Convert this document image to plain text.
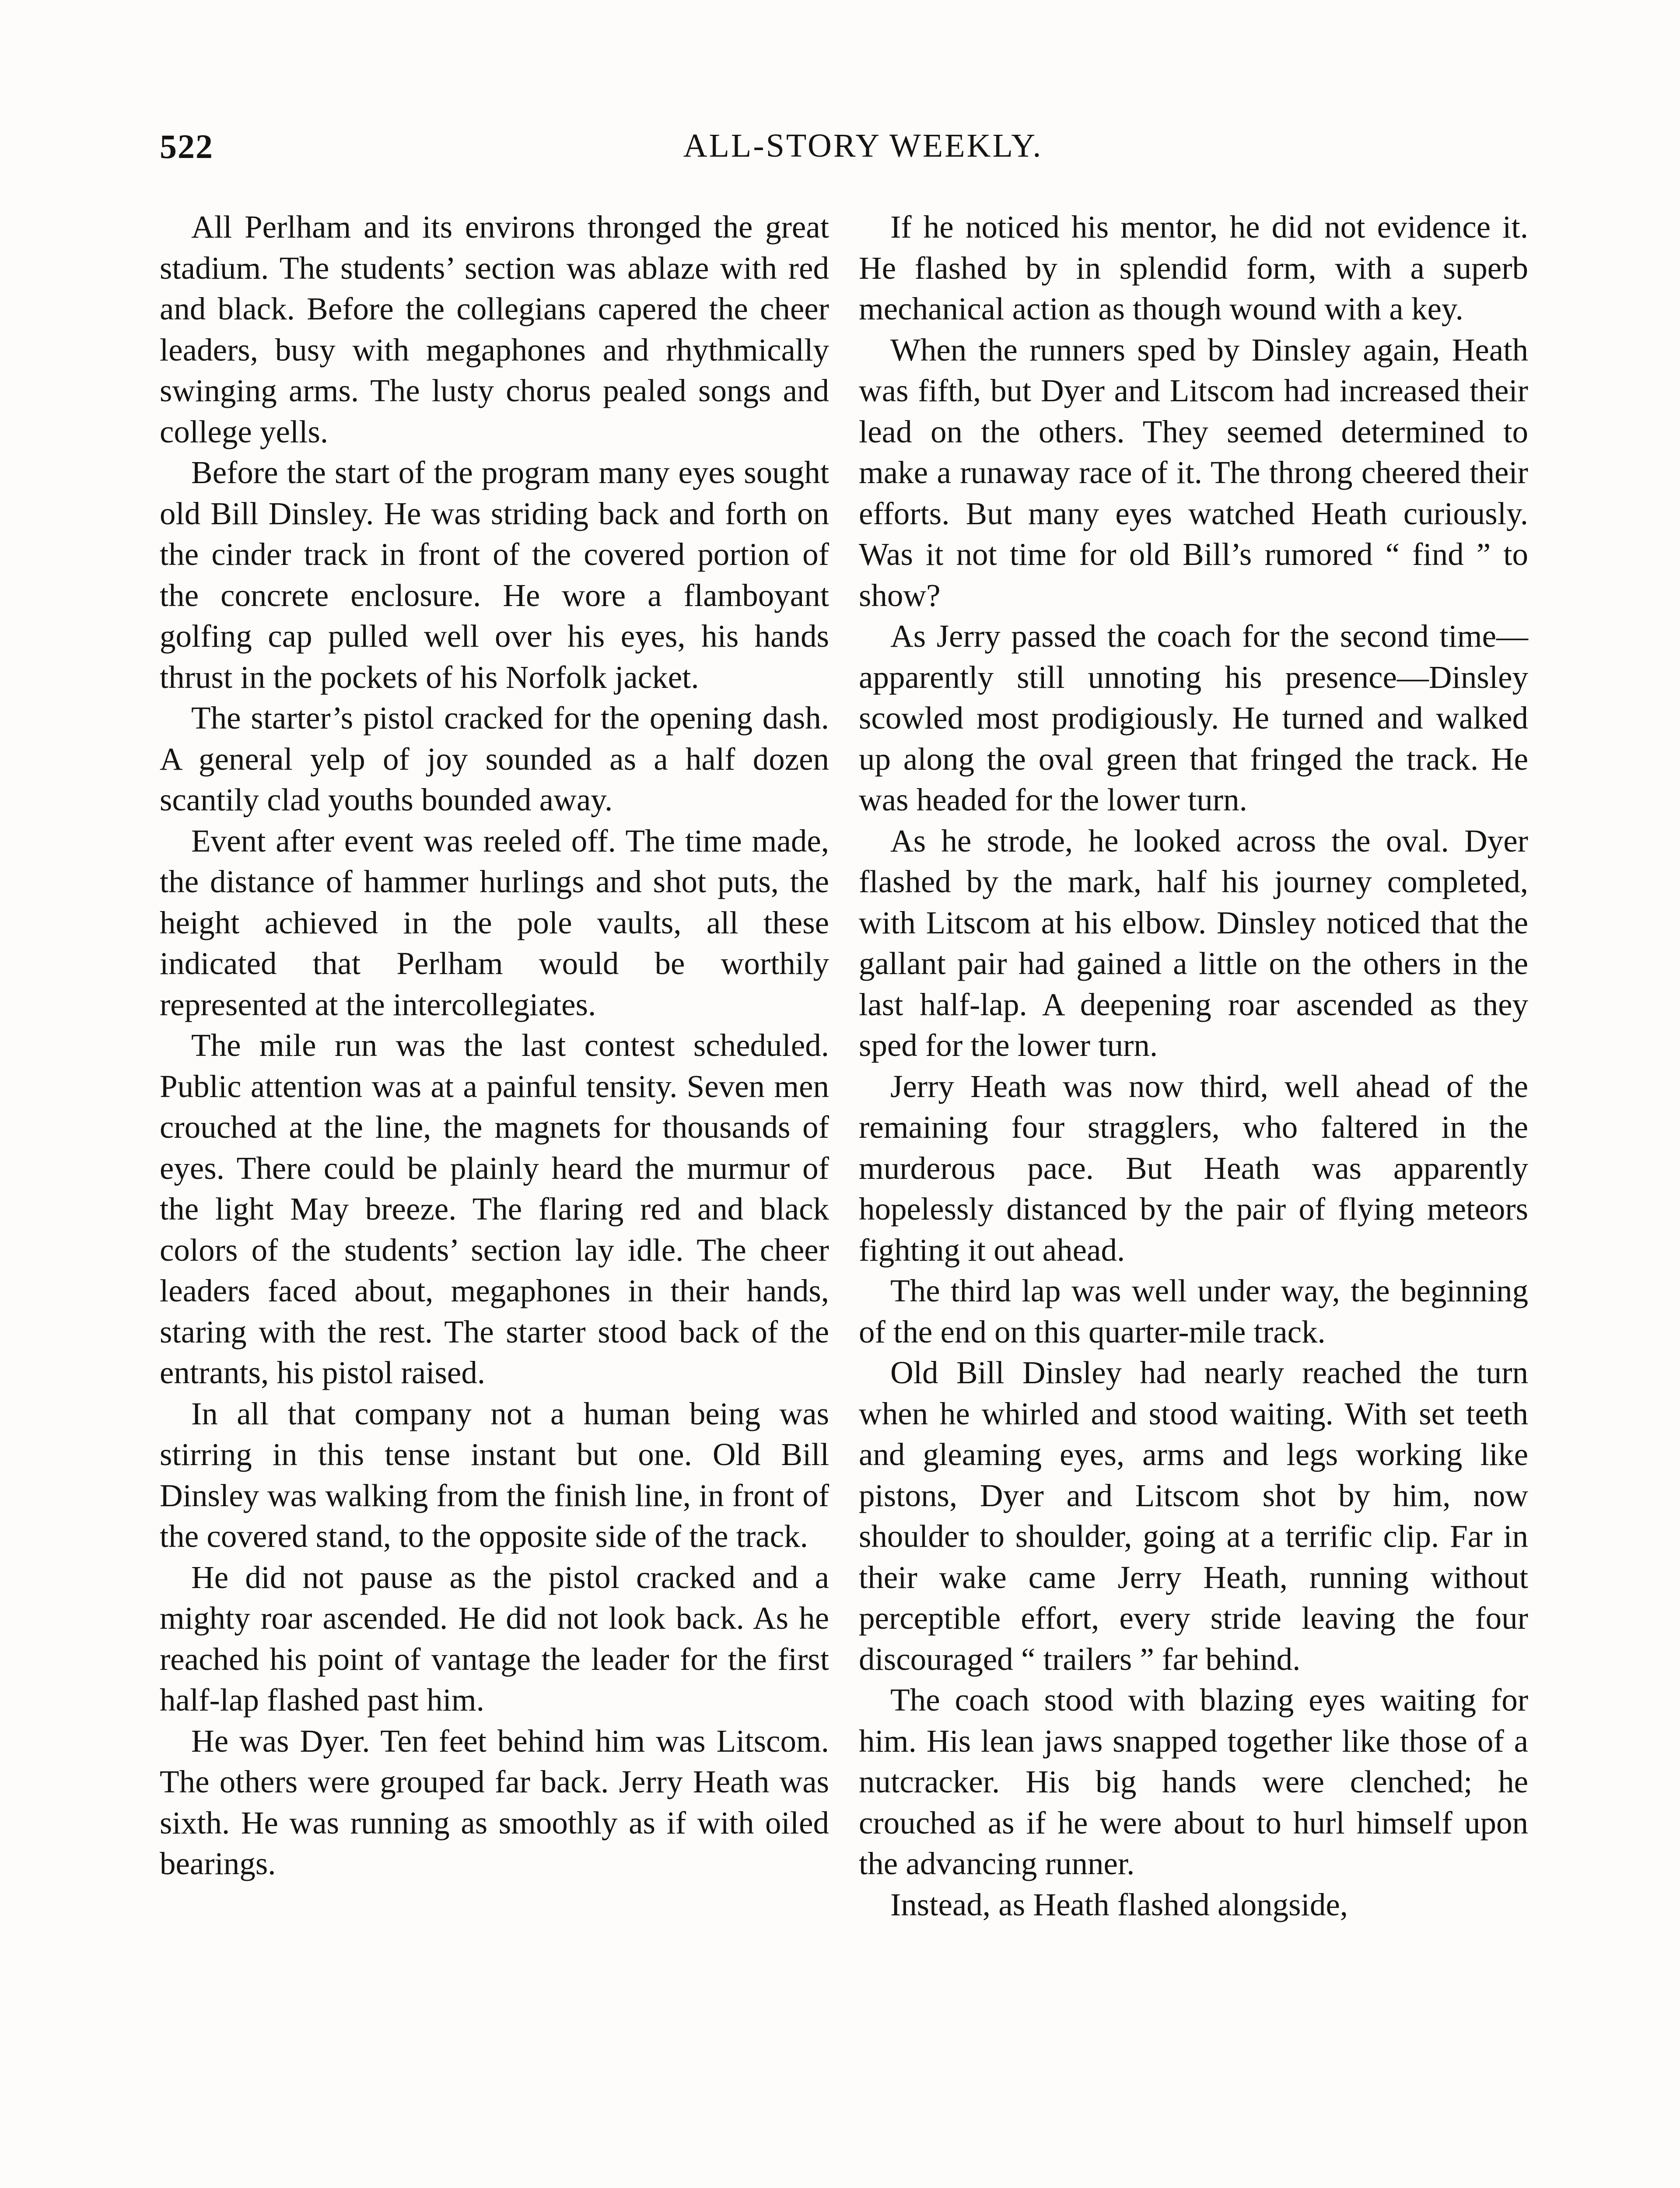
522	ALL-STORY WEEKLY.

All Perlham and its environs thronged the great stadium. The students’ section was ablaze with red and black. Before the collegians capered the cheer leaders, busy with megaphones and rhythmically swinging arms. The lusty chorus pealed songs and college yells.

Before the start of the program many eyes sought old Bill Dinsley. He was striding back and forth on the cinder track in front of the covered portion of the concrete enclosure. He wore a flamboyant golfing cap pulled well over his eyes, his hands thrust in the pockets of his Norfolk jacket.

The starter’s pistol cracked for the opening dash. A general yelp of joy sounded as a half dozen scantily clad youths bounded away.

Event after event was reeled off. The time made, the distance of hammer hurlings and shot puts, the height achieved in the pole vaults, all these indicated that Perlham would be worthily represented at the intercollegiates.

The mile run was the last contest scheduled. Public attention was at a painful tensity. Seven men crouched at the line, the magnets for thousands of eyes. There could be plainly heard the murmur of the light May breeze. The flaring red and black colors of the students’ section lay idle. The cheer leaders faced about, megaphones in their hands, staring with the rest. The starter stood back of the entrants, his pistol raised.

In all that company not a human being was stirring in this tense instant but one. Old Bill Dinsley was walking from the finish line, in front of the covered stand, to the opposite side of the track.

He did not pause as the pistol cracked and a mighty roar ascended. He did not look back. As he reached his point of vantage the leader for the first half-lap flashed past him.

He was Dyer. Ten feet behind him was Litscom. The others were grouped far back. Jerry Heath was sixth. He was running as smoothly as if with oiled bearings.

If he noticed his mentor, he did not evidence it. He flashed by in splendid form, with a superb mechanical action as though wound with a key.

When the runners sped by Dinsley again, Heath was fifth, but Dyer and Litscom had increased their lead on the others. They seemed determined to make a runaway race of it. The throng cheered their efforts. But many eyes watched Heath curiously. Was it not time for old Bill’s rumored “ find ” to show?

As Jerry passed the coach for the second time—apparently still unnoting his presence—Dinsley scowled most prodigiously. He turned and walked up along the oval green that fringed the track. He was headed for the lower turn.

As he strode, he looked across the oval. Dyer flashed by the mark, half his journey completed, with Litscom at his elbow. Dinsley noticed that the gallant pair had gained a little on the others in the last half-lap. A deepening roar ascended as they sped for the lower turn.

Jerry Heath was now third, well ahead of the remaining four stragglers, who faltered in the murderous pace. But Heath was apparently hopelessly distanced by the pair of flying meteors fighting it out ahead.

The third lap was well under way, the beginning of the end on this quarter-mile track.

Old Bill Dinsley had nearly reached the turn when he whirled and stood waiting. With set teeth and gleaming eyes, arms and legs working like pistons, Dyer and Litscom shot by him, now shoulder to shoulder, going at a terrific clip. Far in their wake came Jerry Heath, running without perceptible effort, every stride leaving the four discouraged “ trailers ” far behind.

The coach stood with blazing eyes waiting for him. His lean jaws snapped together like those of a nutcracker. His big hands were clenched; he crouched as if he were about to hurl himself upon the advancing runner.

Instead, as Heath flashed alongside,
